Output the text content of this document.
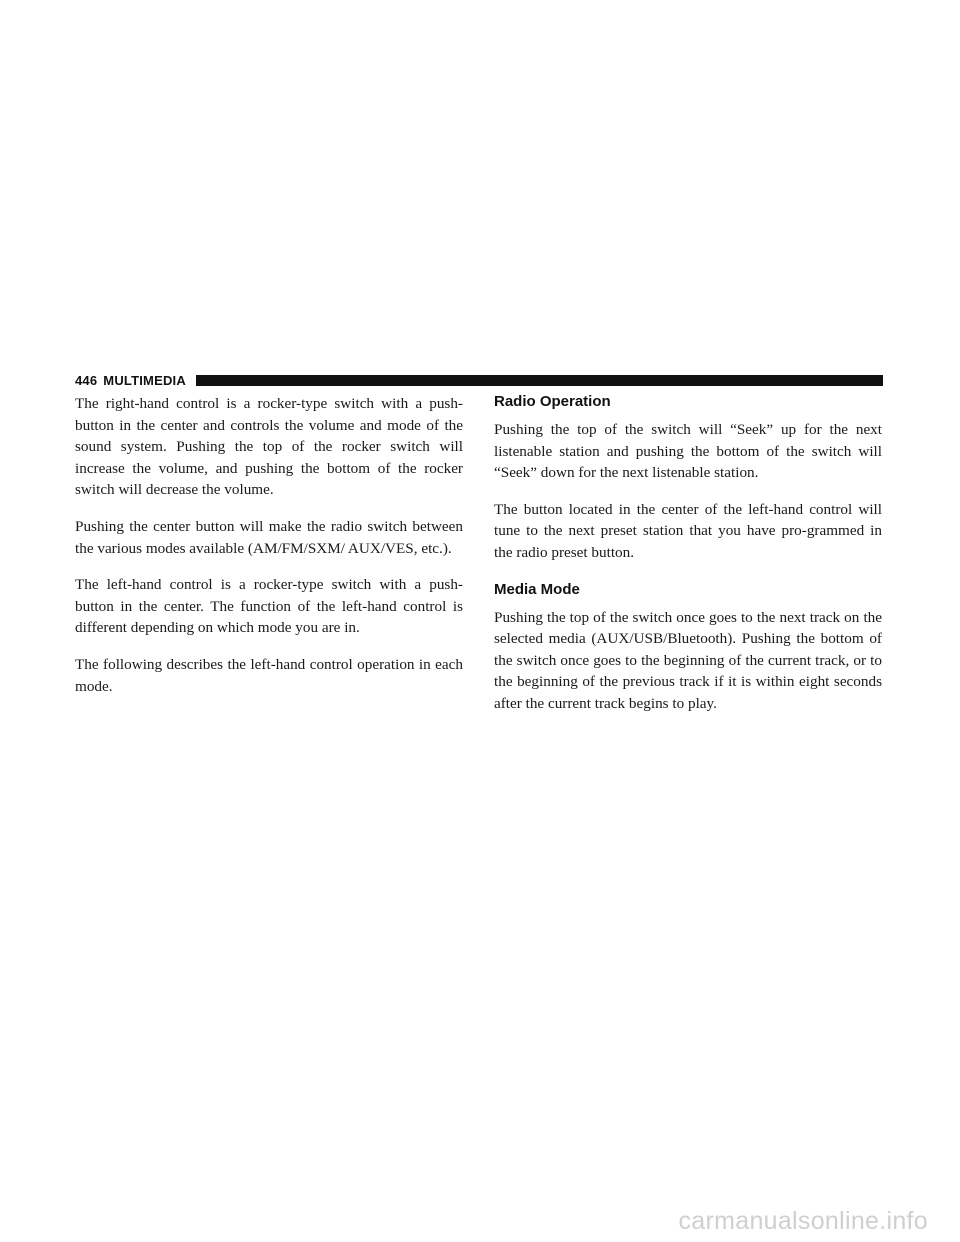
446 MULTIMEDIA

The right-hand control is a rocker-type switch with a push-button in the center and controls the volume and mode of the sound system. Pushing the top of the rocker switch will increase the volume, and pushing the bottom of the rocker switch will decrease the volume.

Pushing the center button will make the radio switch between the various modes available (AM/FM/SXM/ AUX/VES, etc.).

The left-hand control is a rocker-type switch with a push-button in the center. The function of the left-hand control is different depending on which mode you are in.

The following describes the left-hand control operation in each mode.

Radio Operation

Pushing the top of the switch will “Seek” up for the next listenable station and pushing the bottom of the switch will “Seek” down for the next listenable station.

The button located in the center of the left-hand control will tune to the next preset station that you have pro-grammed in the radio preset button.

Media Mode

Pushing the top of the switch once goes to the next track on the selected media (AUX/USB/Bluetooth). Pushing the bottom of the switch once goes to the beginning of the current track, or to the beginning of the previous track if it is within eight seconds after the current track begins to play.

carmanualsonline.info
